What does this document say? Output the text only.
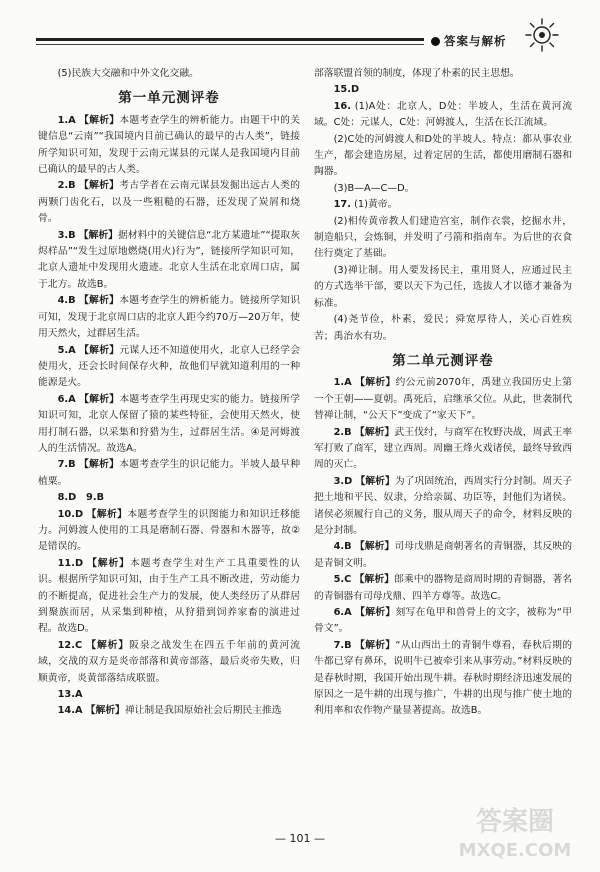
答案与解析

(5)民族大交融和中外文化交融。

第一单元测评卷

1.A 【解析】本题考查学生的辨析能力。由题干中的关键信息“云南”“我国境内目前已确认的最早的古人类”，链接所学知识可知，发现于云南元谋县的元谋人是我国境内目前已确认的最早的古人类。

2.B 【解析】考古学者在云南元谋县发掘出远古人类的两颗门齿化石，以及一些粗糙的石器，还发现了炭屑和烧骨。

3.B 【解析】据材料中的关键信息“北方某遗址”“提取灰烬样品”“发生过原地燃烧(用火)行为”，链接所学知识可知，北京人遗址中发现用火遗迹。北京人生活在北京周口店，属于北方。故选B。

4.B 【解析】本题考查学生的辨析能力。链接所学知识可知，发现于北京周口店的北京人距今约70万—20万年，使用天然火，过群居生活。

5.A 【解析】元谋人还不知道使用火，北京人已经学会使用火，还会长时间保存火种，故他们早就知道利用的一种能源是火。

6.A 【解析】本题考查学生再现史实的能力。链接所学知识可知，北京人保留了猿的某些特征，会使用天然火，使用打制石器，以采集和狩猎为生，过群居生活。④是河姆渡人的生活情况。故选A。

7.B 【解析】本题考查学生的识记能力。半坡人最早种植粟。

8.D　9.B

10.D 【解析】本题考查学生的识图能力和知识迁移能力。河姆渡人使用的工具是磨制石器、骨器和木器等，故②是错误的。

11.D 【解析】本题考查学生对生产工具重要性的认识。根据所学知识可知，由于生产工具不断改进，劳动能力的不断提高，促进社会生产力的发展，使人类经历了从群居到聚族而居，从采集到种植，从狩猎到饲养家畜的演进过程。故选D。

12.C 【解析】阪泉之战发生在四五千年前的黄河流域，交战的双方是炎帝部落和黄帝部落，最后炎帝失败，归顺黄帝，炎黄部落结成联盟。

13.A

14.A 【解析】禅让制是我国原始社会后期民主推选

部落联盟首领的制度，体现了朴素的民主思想。

15.D

16. (1)A处：北京人，D处：半坡人，生活在黄河流域。C处：元谋人，C处：河姆渡人，生活在长江流域。

(2)C处的河姆渡人和D处的半坡人。特点：都从事农业生产，都会建造房屋，过着定居的生活，都使用磨制石器和陶器。

(3)B—A—C—D。

17. (1)黄帝。

(2)相传黄帝教人们建造宫室，制作衣裳，挖掘水井，制造船只，会炼铜，并发明了弓箭和指南车。为后世的衣食住行奠定了基础。

(3)禅让制。用人要发扬民主，重用贤人，应通过民主的方式选举干部，要以天下为己任，选拔人才以德才兼备为标准。

(4)尧节俭，朴素，爱民；舜宽厚待人，关心百姓疾苦；禹治水有功。

第二单元测评卷

1.A 【解析】约公元前2070年，禹建立我国历史上第一个王朝——夏朝。禹死后，启继承父位。从此，世袭制代替禅让制，“公天下”变成了“家天下”。

2.B 【解析】武王伐纣，与商军在牧野决战，周武王率军打败了商军，建立西周。周幽王烽火戏诸侯，最终导致西周的灭亡。

3.D 【解析】为了巩固统治，西周实行分封制。周天子把土地和平民、奴隶，分给亲属、功臣等，封他们为诸侯。诸侯必须履行自己的义务，服从周天子的命令，材料反映的是分封制。

4.B 【解析】司母戊鼎是商朝著名的青铜器，其反映的是青铜文明。

5.C 【解析】郎乘中的器物是商周时期的青铜器，著名的青铜器有司母戊鼎、四羊方尊等。故选C。

6.A 【解析】刻写在龟甲和兽骨上的文字，被称为“甲骨文”。

7.B 【解析】“从山西出土的青铜牛尊看，春秋后期的牛都已穿有鼻环，说明牛已被牵引来从事劳动。”材料反映的是春秋时期，我国开始出现牛耕。春秋时期经济迅速发展的原因之一是牛耕的出现与推广，牛耕的出现与推广使土地的利用率和农作物产量显著提高。故选B。

— 101 —
答案圈
MXQE.COM
